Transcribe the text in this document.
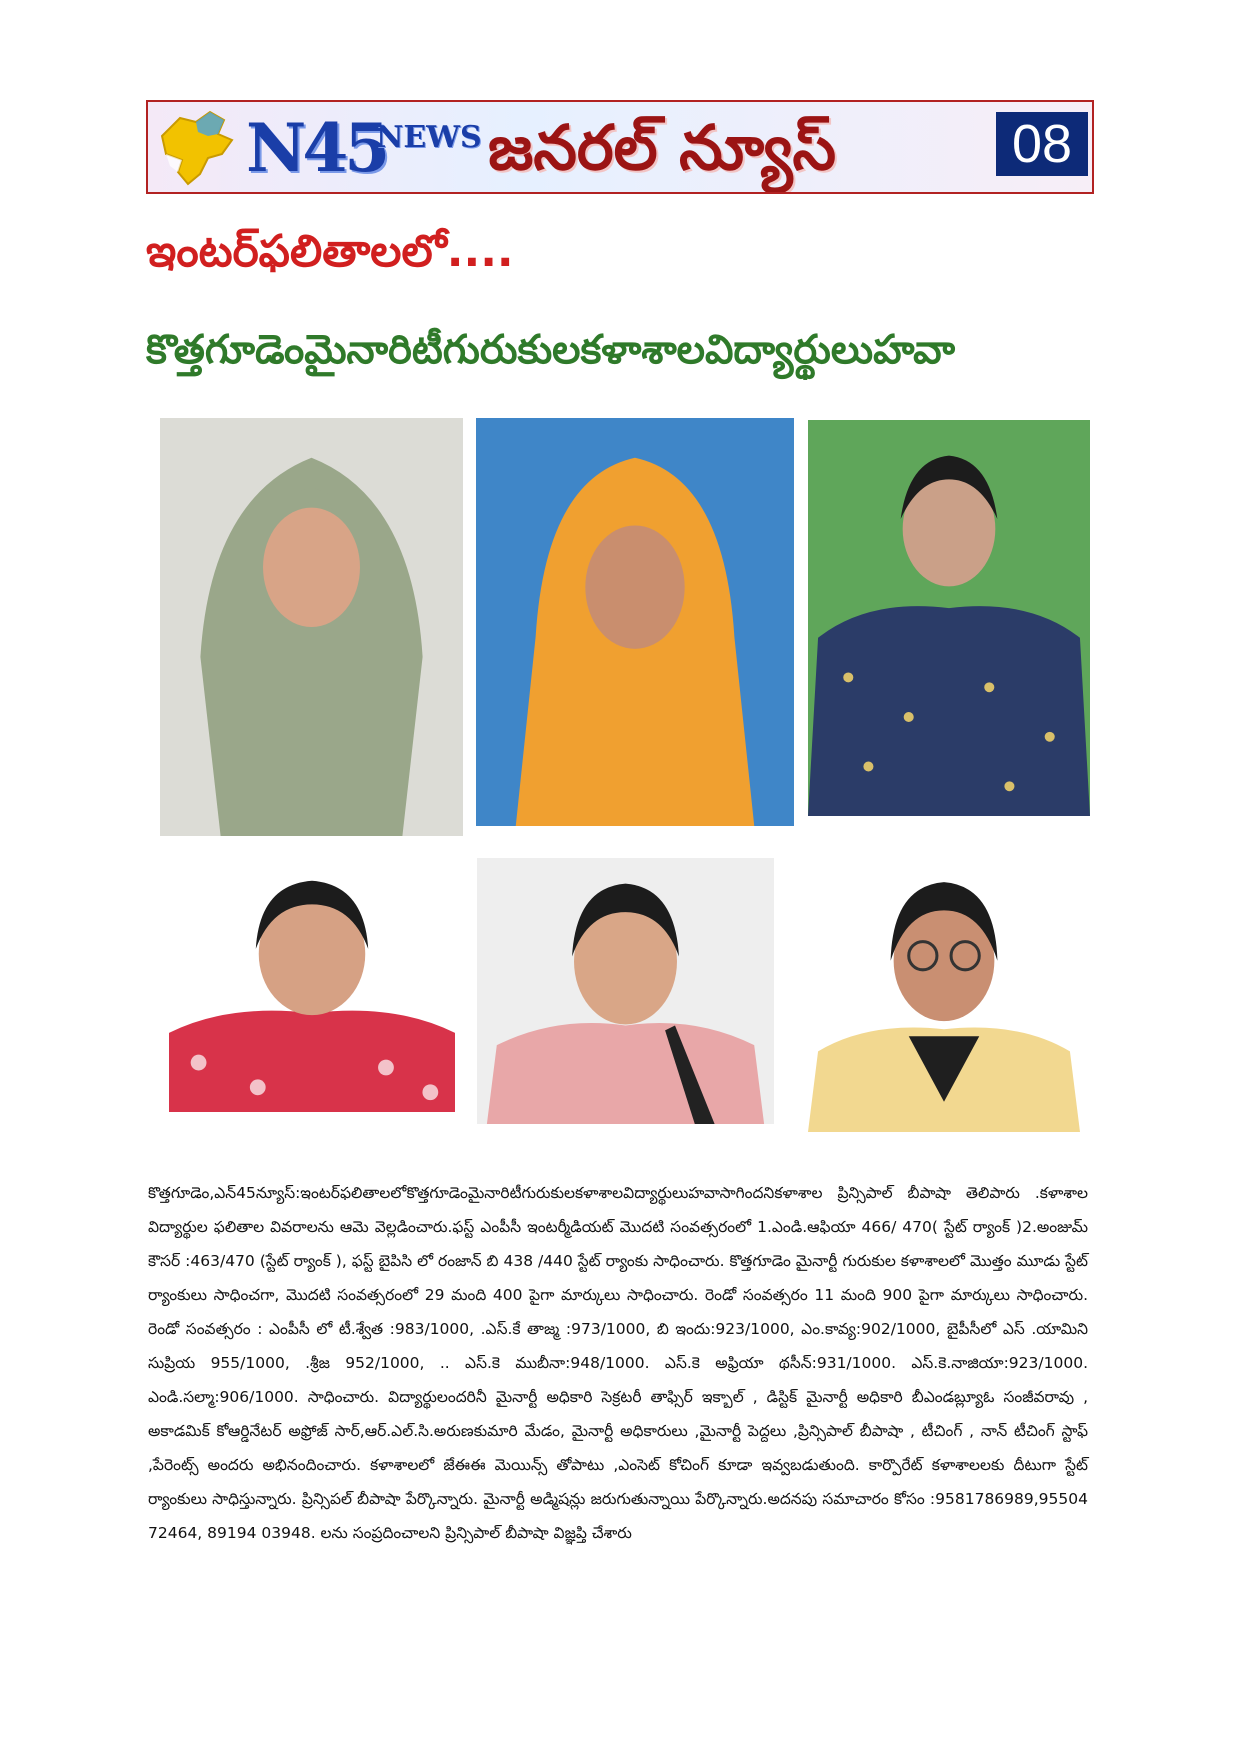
N45
NEWS జనరల్ న్యూస్	08
ఇంటర్‌ఫలితాలలో....
కొత్తగూడెంమైనారిటీగురుకులకళాశాలవిద్యార్థులుహవా
కొత్తగూడెం,ఎన్45న్యూస్:ఇంటర్‌ఫలితాలలోకొత్తగూడెంమైనారిటీగురుకులకళాశాలవిద్యార్థులుహవాసాగిందనికళాశాల ప్రిన్సిపాల్ బీపాషా తెలిపారు .కళాశాల విద్యార్థుల ఫలితాల వివరాలను ఆమె వెల్లడించారు.ఫస్ట్ ఎంపీసీ ఇంటర్మీడియట్ మొదటి సంవత్సరంలో 1.ఎండి.ఆఫియా 466/ 470( స్టేట్ ర్యాంక్ )2.అంజుమ్ కౌసర్ :463/470 (స్టేట్ ర్యాంక్ ), ఫస్ట్ బైపిసి లో రంజాన్ బి 438 /440 స్టేట్ ర్యాంకు సాధించారు. కొత్తగూడెం మైనార్టీ గురుకుల కళాశాలలో మొత్తం మూడు స్టేట్ ర్యాంకులు సాధించగా, మొదటి సంవత్సరంలో 29 మంది 400 పైగా మార్కులు సాధించారు. రెండో సంవత్సరం 11 మంది 900 పైగా మార్కులు సాధించారు. రెండో సంవత్సరం : ఎంపీసీ లో టీ.శ్వేత :983/1000, .ఎస్.కే తాజ్మ :973/1000, బి ఇందు:923/1000, ఎం.కావ్య:902/1000, బైపీసీలో ఎస్ .యామిని సుప్రియ 955/1000, .శ్రీజ 952/1000, .. ఎస్.కె ముబీనా:948/1000. ఎస్.కె అఫ్రియా థసీన్:931/1000. ఎస్.కె.నాజియా:923/1000. ఎండి.సల్మా:906/1000. సాధించారు. విద్యార్థులందరినీ మైనార్టీ అధికారి సెక్రటరీ తాఫ్సిర్ ఇక్బాల్ , డిస్టిక్ మైనార్టీ అధికారి బీఎండబ్ల్యూఓ సంజీవరావు , అకాడమిక్ కోఆర్డినేటర్ అఫ్రోజ్ సార్,ఆర్.ఎల్.సి.అరుణకుమారి మేడం, మైనార్టీ అధికారులు ,మైనార్టీ పెద్దలు ,ప్రిన్సిపాల్ బీపాషా , టీచింగ్ , నాన్ టీచింగ్ స్టాఫ్ ,పేరెంట్స్ అందరు అభినందించారు. కళాశాలలో జేఈఈ మెయిన్స్ తోపాటు ,ఎంసెట్ కోచింగ్ కూడా ఇవ్వబడుతుంది. కార్పొరేట్ కళాశాలలకు దీటుగా స్టేట్ ర్యాంకులు సాధిస్తున్నారు. ప్రిన్సిపల్ బీపాషా పేర్కొన్నారు. మైనార్టీ అడ్మిషన్లు జరుగుతున్నాయి పేర్కొన్నారు.అదనపు సమాచారం కోసం :9581786989,95504 72464, 89194 03948. లను సంప్రదించాలని ప్రిన్సిపాల్ బీపాషా విజ్ఞప్తి చేశారు
